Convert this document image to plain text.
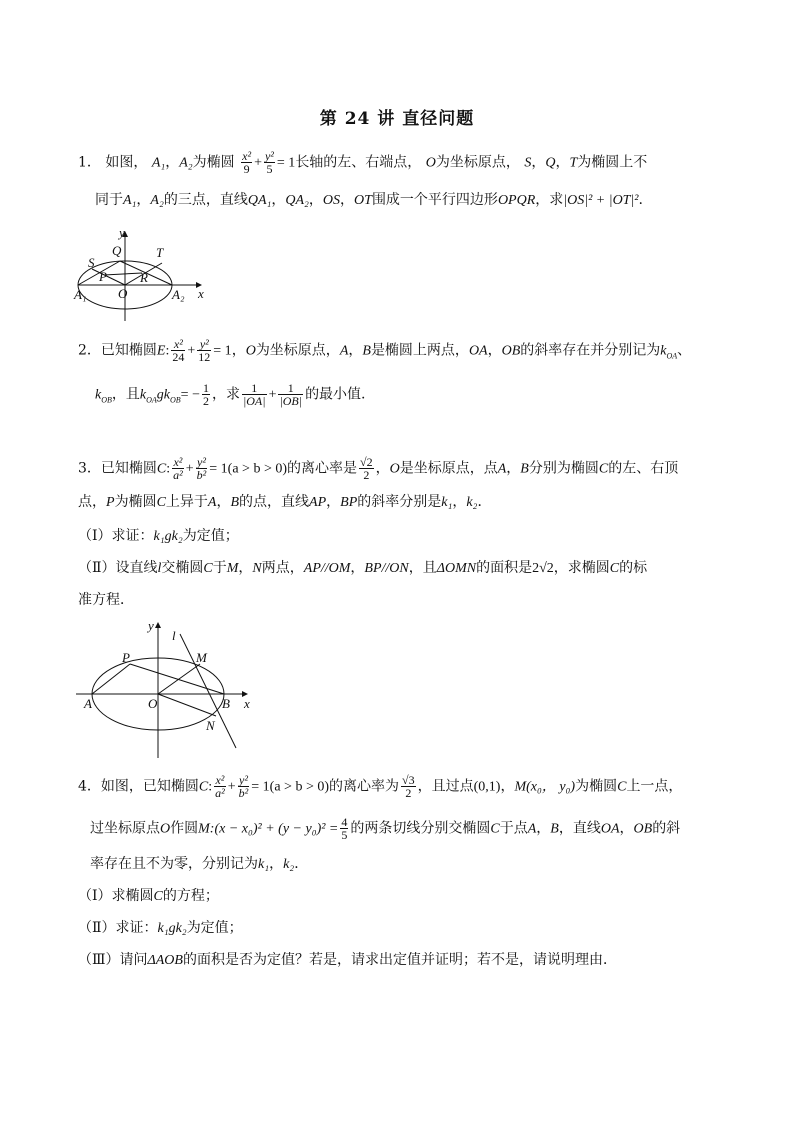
第 24 讲 直径问题
1． 如图， A₁，A₂为椭圆 $\frac{\text{x²}}{9} + \frac{\text{y²}}{5} = 1$长轴的左、右端点， O为坐标原点， S，Q，T为椭圆上不
同于A₁，A₂的三点，直线QA₁，QA₂，OS，OT围成一个平行四边形OPQR，求|OS|² + |OT|².
y
Q	T
S
P	R
O
A₁	A₂ x
2．已知椭圆E: $\frac{\text{x²}}{24} + \frac{\text{y²}}{12} = 1$，O为坐标原点，A，B是椭圆上两点，OA，OB的斜率存在并分别记为$k_{OA}$、
$k_{OB}$，且$k_{OA}gk_{OB}= - \frac{1}{2}$ ，求 $\frac{1}{|OA|} + \frac{1}{|OB|}$ 的最小值.
3．已知椭圆C: $\frac{\text{x²}}{\text{a²}} + \frac{\text{y²}}{\text{b²}} = 1(a > b > 0)$的离心率是 $\frac{√2}{2}$ ，O是坐标原点，点A，B分别为椭圆C的左、右顶
点，P为椭圆C上异于A，B的点，直线AP，BP的斜率分别是k₁，k₂．
（Ⅰ）求证：k₁gk₂为定值；
（Ⅱ）设直线l交椭圆C于M，N两点，AP//OM，BP//ON，且ΔOMN的面积是2√2，求椭圆C的标
准方程．
y
l
P	M
A	O	B x
N
4．如图，已知椭圆C: $\frac{\text{x²}}{\text{a²}} + \frac{\text{y²}}{\text{b²}} = 1(a > b > 0)$的离心率为 $\frac{√3}{2}$ ，且过点(0,1)，M(x₀， y₀)为椭圆C上一点，
过坐标原点O作圆M:(x − $x_0)^2 + (y - y_0)^2 = \frac{4}{5}$ 的两条切线分别交椭圆C于点A，B，直线OA，OB的斜
率存在且不为零，分别记为k₁，k₂．
（Ⅰ）求椭圆C的方程；
（Ⅱ）求证：k₁gk₂为定值；
（Ⅲ）请问ΔAOB的面积是否为定值？若是，请求出定值并证明；若不是，请说明理由．
